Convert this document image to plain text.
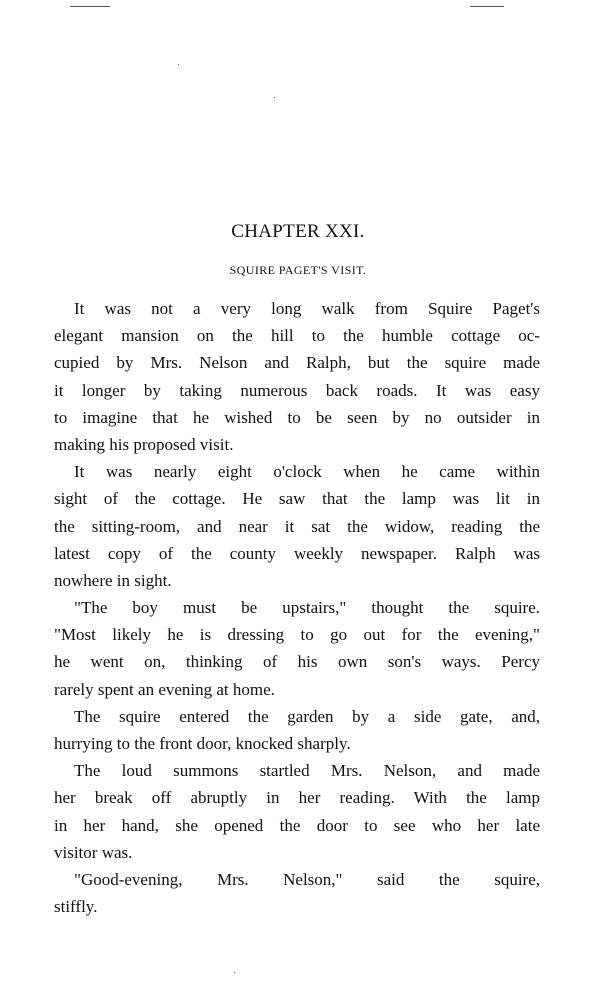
CHAPTER XXI.
SQUIRE PAGET'S VISIT.
It was not a very long walk from Squire Paget's
elegant mansion on the hill to the humble cottage oc-
cupied by Mrs. Nelson and Ralph, but the squire made
it longer by taking numerous back roads. It was easy
to imagine that he wished to be seen by no outsider in
making his proposed visit.
It was nearly eight o'clock when he came within
sight of the cottage. He saw that the lamp was lit in
the sitting-room, and near it sat the widow, reading the
latest copy of the county weekly newspaper. Ralph was
nowhere in sight.
"The boy must be upstairs," thought the squire.
"Most likely he is dressing to go out for the evening,"
he went on, thinking of his own son's ways. Percy
rarely spent an evening at home.
The squire entered the garden by a side gate, and,
hurrying to the front door, knocked sharply.
The loud summons startled Mrs. Nelson, and made
her break off abruptly in her reading. With the lamp
in her hand, she opened the door to see who her late
visitor was.
"Good-evening, Mrs. Nelson," said the squire,
stiffly.
